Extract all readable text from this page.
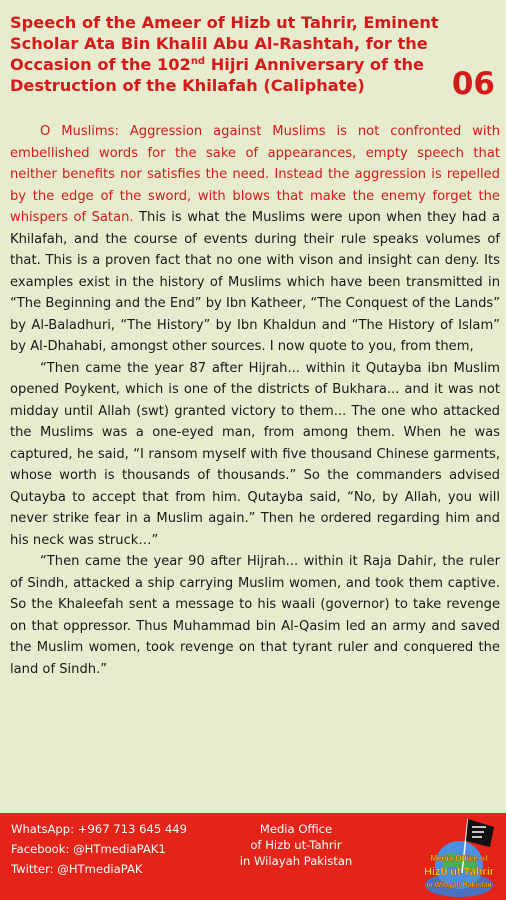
Speech of the Ameer of Hizb ut Tahrir, Eminent Scholar Ata Bin Khalil Abu Al-Rashtah, for the Occasion of the 102nd Hijri Anniversary of the Destruction of the Khilafah (Caliphate)	06

O Muslims: Aggression against Muslims is not confronted with embellished words for the sake of appearances, empty speech that neither benefits nor satisfies the need. Instead the aggression is repelled by the edge of the sword, with blows that make the enemy forget the whispers of Satan. This is what the Muslims were upon when they had a Khilafah, and the course of events during their rule speaks volumes of that. This is a proven fact that no one with vison and insight can deny. Its examples exist in the history of Muslims which have been transmitted in “The Beginning and the End” by Ibn Katheer, “The Conquest of the Lands” by Al-Baladhuri, “The History” by Ibn Khaldun and “The History of Islam” by Al-Dhahabi, amongst other sources. I now quote to you, from them,

“Then came the year 87 after Hijrah... within it Qutayba ibn Muslim opened Poykent, which is one of the districts of Bukhara... and it was not midday until Allah (swt) granted victory to them... The one who attacked the Muslims was a one-eyed man, from among them. When he was captured, he said, “I ransom myself with five thousand Chinese garments, whose worth is thousands of thousands.” So the commanders advised Qutayba to accept that from him. Qutayba said, “No, by Allah, you will never strike fear in a Muslim again.” Then he ordered regarding him and his neck was struck…”

“Then came the year 90 after Hijrah... within it Raja Dahir, the ruler of Sindh, attacked a ship carrying Muslim women, and took them captive. So the Khaleefah sent a message to his waali (governor) to take revenge on that oppressor. Thus Muhammad bin Al-Qasim led an army and saved the Muslim women, took revenge on that tyrant ruler and conquered the land of Sindh.”

WhatsApp: +967 713 645 449
Facebook: @HTmediaPAK1
Twitter: @HTmediaPAK
Media Office
of Hizb ut-Tahrir
in Wilayah Pakistan	Media Office of
Hizb ut Tahrir
in Wilayah Pakistan
